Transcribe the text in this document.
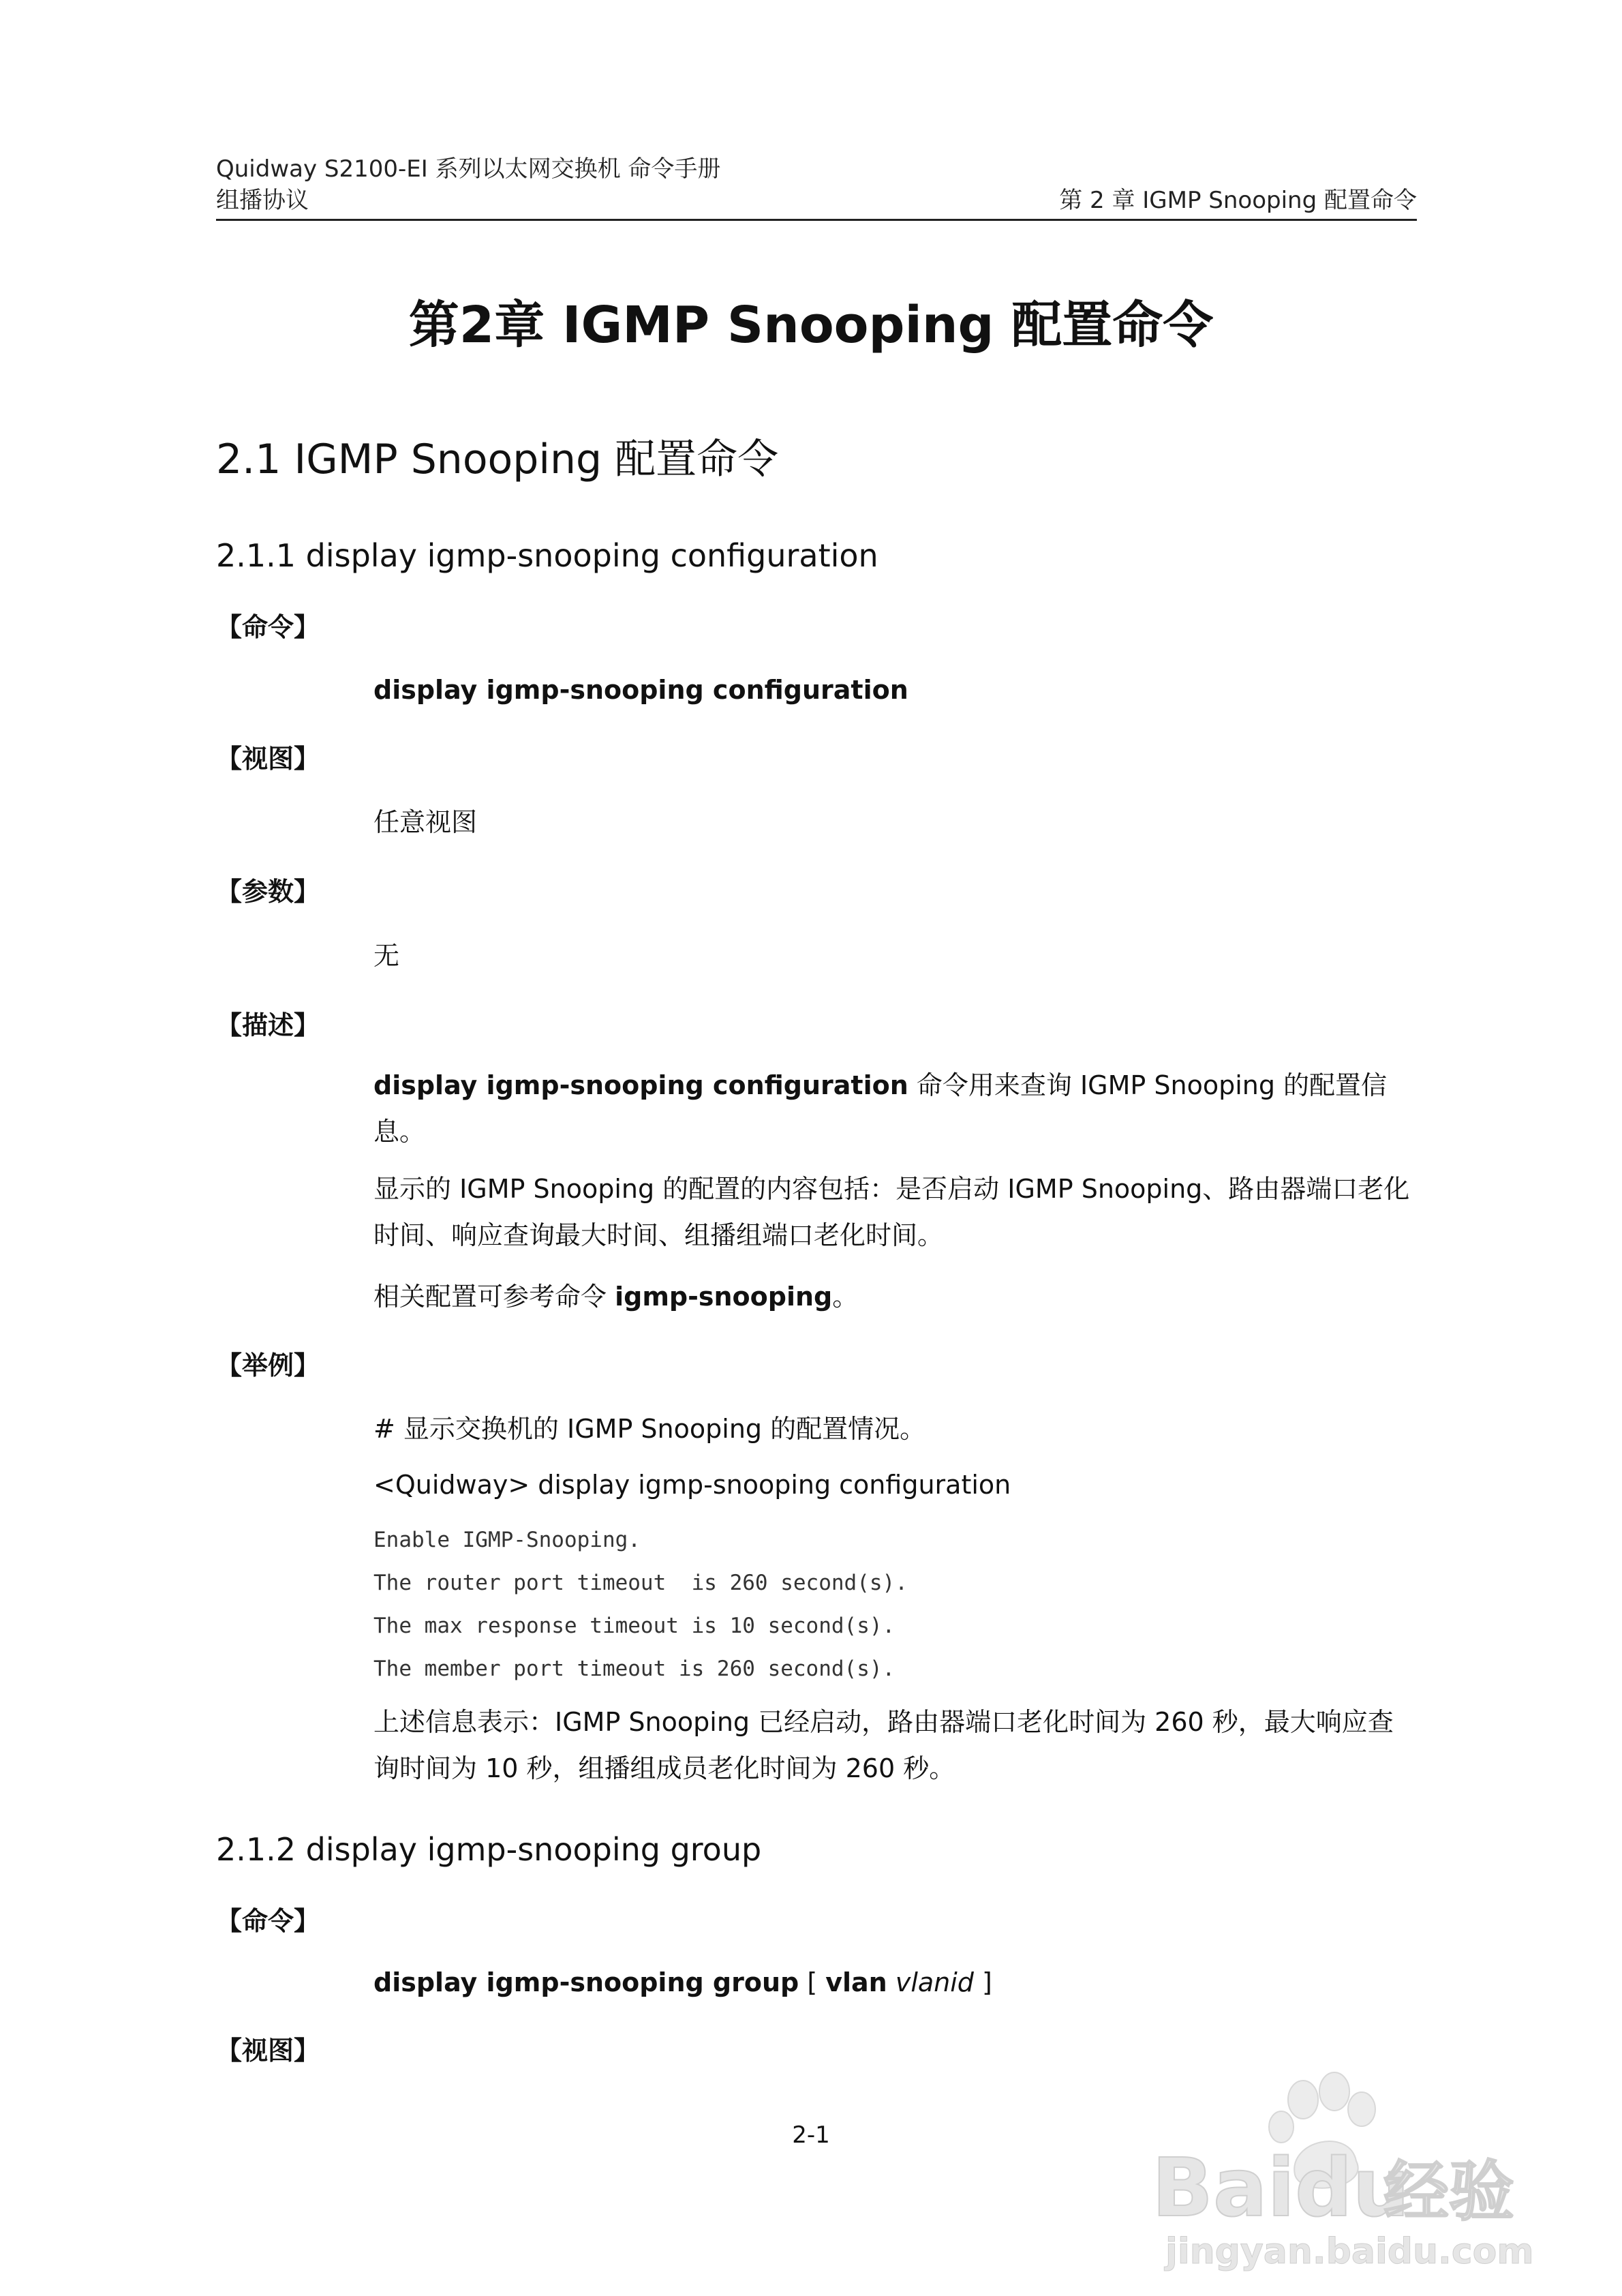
Quidway S2100-EI 系列以太网交换机 命令手册
组播协议	第 2 章 IGMP Snooping 配置命令
第2章 IGMP Snooping 配置命令
2.1 IGMP Snooping 配置命令
2.1.1 display igmp-snooping configuration
【命令】
display igmp-snooping configuration
【视图】
任意视图
【参数】
无
【描述】
display igmp-snooping configuration 命令用来查询 IGMP Snooping 的配置信息。
显示的 IGMP Snooping 的配置的内容包括：是否启动 IGMP Snooping、路由器端口老化时间、响应查询最大时间、组播组端口老化时间。
相关配置可参考命令 igmp-snooping。
【举例】
# 显示交换机的 IGMP Snooping 的配置情况。
<Quidway> display igmp-snooping configuration
Enable IGMP-Snooping.
The router port timeout  is 260 second(s).
The max response timeout is 10 second(s).
The member port timeout is 260 second(s).
上述信息表示：IGMP Snooping 已经启动，路由器端口老化时间为 260 秒，最大响应查询时间为 10 秒，组播组成员老化时间为 260 秒。
2.1.2 display igmp-snooping group
【命令】
display igmp-snooping group [ vlan vlanid ]
【视图】
2-1
Baidu
经验
jingyan.baidu.com
